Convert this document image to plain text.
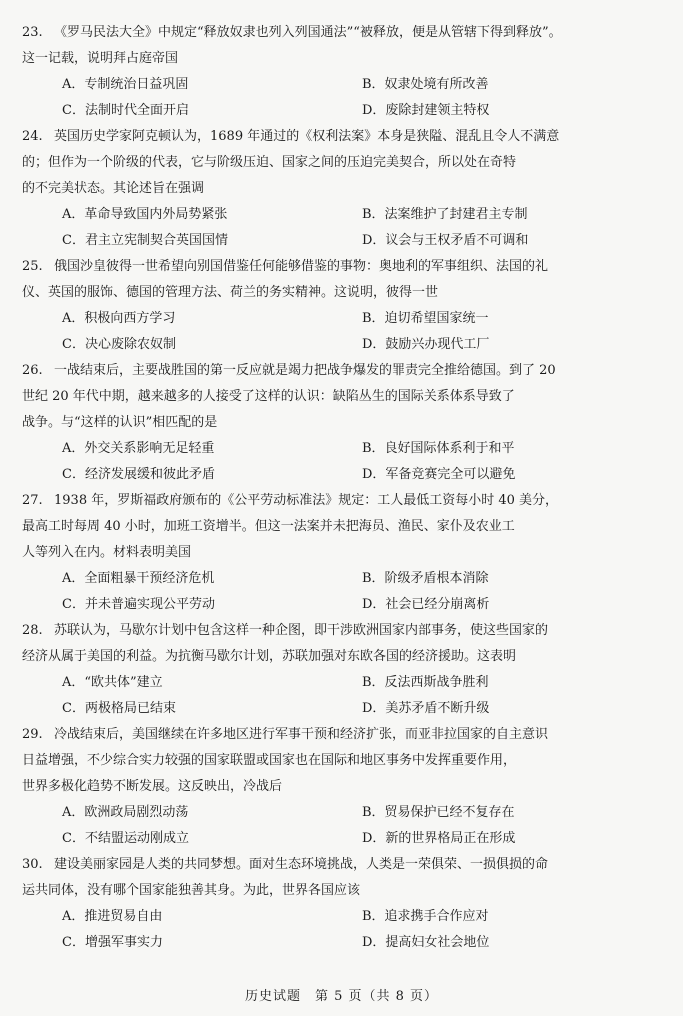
23. 《罗马民法大全》中规定“释放奴隶也列入列国通法”“被释放，便是从管辖下得到释放”。
这一记载，说明拜占庭帝国
A．专制统治日益巩固	B．奴隶处境有所改善
C．法制时代全面开启	D．废除封建领主特权
24. 英国历史学家阿克顿认为，1689 年通过的《权利法案》本身是狭隘、混乱且令人不满意
的；但作为一个阶级的代表，它与阶级压迫、国家之间的压迫完美契合，所以处在奇特
的不完美状态。其论述旨在强调
A．革命导致国内外局势紧张	B．法案维护了封建君主专制
C．君主立宪制契合英国国情	D．议会与王权矛盾不可调和
25. 俄国沙皇彼得一世希望向别国借鉴任何能够借鉴的事物：奥地利的军事组织、法国的礼
仪、英国的服饰、德国的管理方法、荷兰的务实精神。这说明，彼得一世
A．积极向西方学习	B．迫切希望国家统一
C．决心废除农奴制	D．鼓励兴办现代工厂
26. 一战结束后，主要战胜国的第一反应就是竭力把战争爆发的罪责完全推给德国。到了 20
世纪 20 年代中期，越来越多的人接受了这样的认识：缺陷丛生的国际关系体系导致了
战争。与“这样的认识”相匹配的是
A．外交关系影响无足轻重	B．良好国际体系利于和平
C．经济发展缓和彼此矛盾	D．军备竞赛完全可以避免
27. 1938 年，罗斯福政府颁布的《公平劳动标准法》规定：工人最低工资每小时 40 美分，
最高工时每周 40 小时，加班工资增半。但这一法案并未把海员、渔民、家仆及农业工
人等列入在内。材料表明美国
A．全面粗暴干预经济危机	B．阶级矛盾根本消除
C．并未普遍实现公平劳动	D．社会已经分崩离析
28. 苏联认为，马歇尔计划中包含这样一种企图，即干涉欧洲国家内部事务，使这些国家的
经济从属于美国的利益。为抗衡马歇尔计划，苏联加强对东欧各国的经济援助。这表明
A．“欧共体”建立	B．反法西斯战争胜利
C．两极格局已结束	D．美苏矛盾不断升级
29. 冷战结束后，美国继续在许多地区进行军事干预和经济扩张，而亚非拉国家的自主意识
日益增强，不少综合实力较强的国家联盟或国家也在国际和地区事务中发挥重要作用，
世界多极化趋势不断发展。这反映出，冷战后
A．欧洲政局剧烈动荡	B．贸易保护已经不复存在
C．不结盟运动刚成立	D．新的世界格局正在形成
30. 建设美丽家园是人类的共同梦想。面对生态环境挑战，人类是一荣俱荣、一损俱损的命
运共同体，没有哪个国家能独善其身。为此，世界各国应该
A．推进贸易自由	B．追求携手合作应对
C．增强军事实力	D．提高妇女社会地位
历史试题　第 5 页（共 8 页）
